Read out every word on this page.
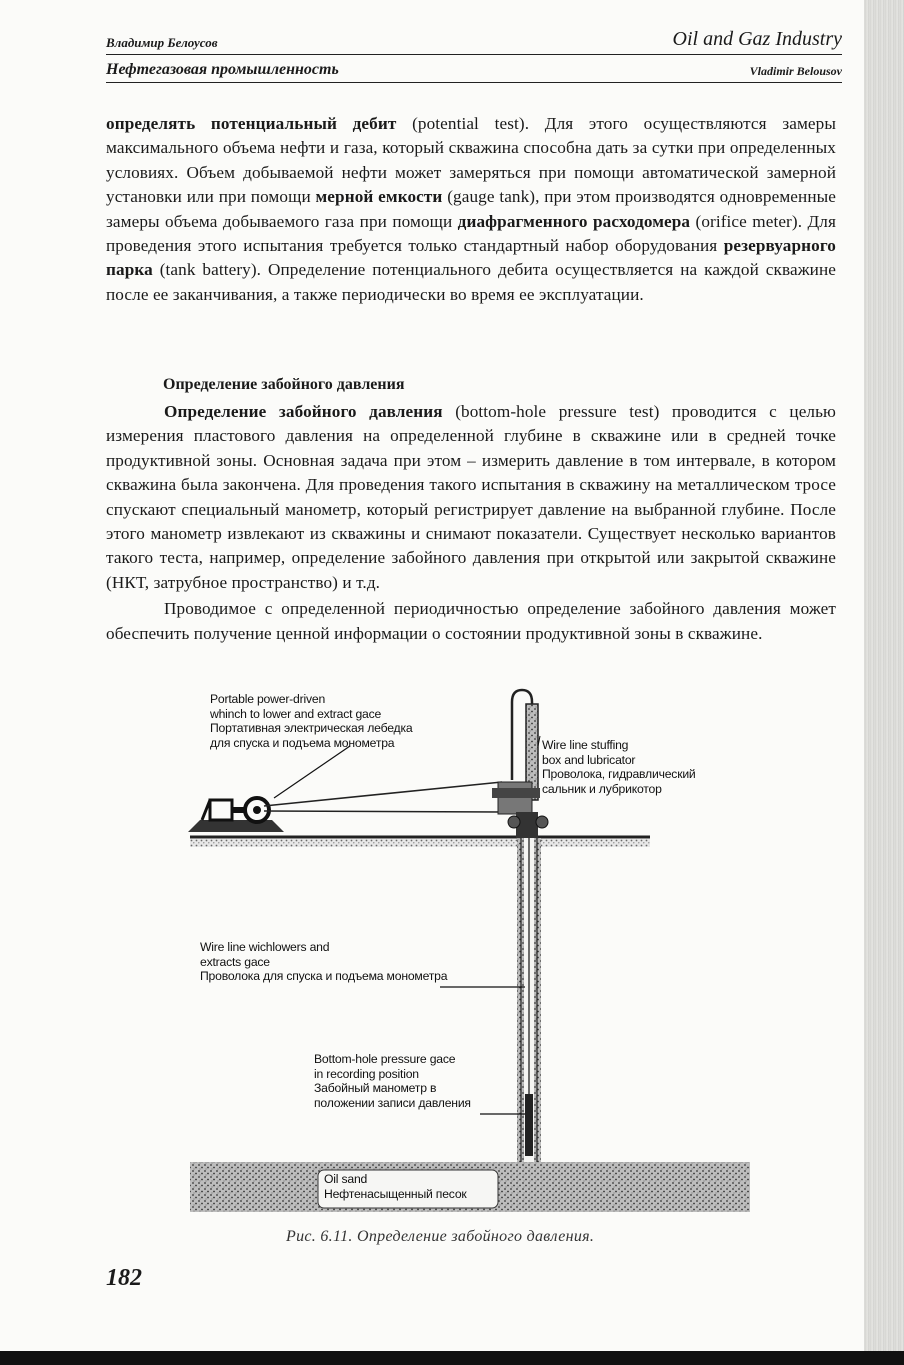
Владимир Белоусов	Oil and Gaz Industry
Нефтегазовая промышленность	Vladimir Belousov

определять потенциальный дебит (potential test). Для этого осуществляются замеры максимального объема нефти и газа, который скважина способна дать за сутки при определенных условиях. Объем добываемой нефти может замеряться при помощи автоматической замерной установки или при помощи мерной емкости (gauge tank), при этом производятся одновременные замеры объема добываемого газа при помощи диафрагменного расходомера (orifice meter). Для проведения этого испытания требуется только стандартный набор оборудования резервуарного парка (tank battery). Определение потенциального дебита осуществляется на каждой скважине после ее заканчивания, а также периодически во время ее эксплуатации.

Определение забойного давления

Определение забойного давления (bottom-hole pressure test) проводится с целью измерения пластового давления на определенной глубине в скважине или в средней точке продуктивной зоны. Основная задача при этом – измерить давление в том интервале, в котором скважина была закончена. Для проведения такого испытания в скважину на металлическом тросе спускают специальный манометр, который регистрирует давление на выбранной глубине. После этого манометр извлекают из скважины и снимают показатели. Существует несколько вариантов такого теста, например, определение забойного давления при открытой или закрытой скважине (НКТ, затрубное пространство) и т.д.

Проводимое с определенной периодичностью определение забойного давления может обеспечить получение ценной информации о состоянии продуктивной зоны в скважине.

Portable power-driven
whinch to lower and extract gace
Портативная электрическая лебедка
для спуска и подъема монометра	Wire line stuffing
box and lubricator
Проволока, гидравлический
сальник и лубрикотор
Wire line wichlowers and
extracts gace
Проволока для спуска и подъема монометра
Bottom-hole pressure gace
in recording position
Забойный манометр в
положении записи давления
Oil sand
Нефтенасыщенный песок
Рис. 6.11. Определение забойного давления.
182
